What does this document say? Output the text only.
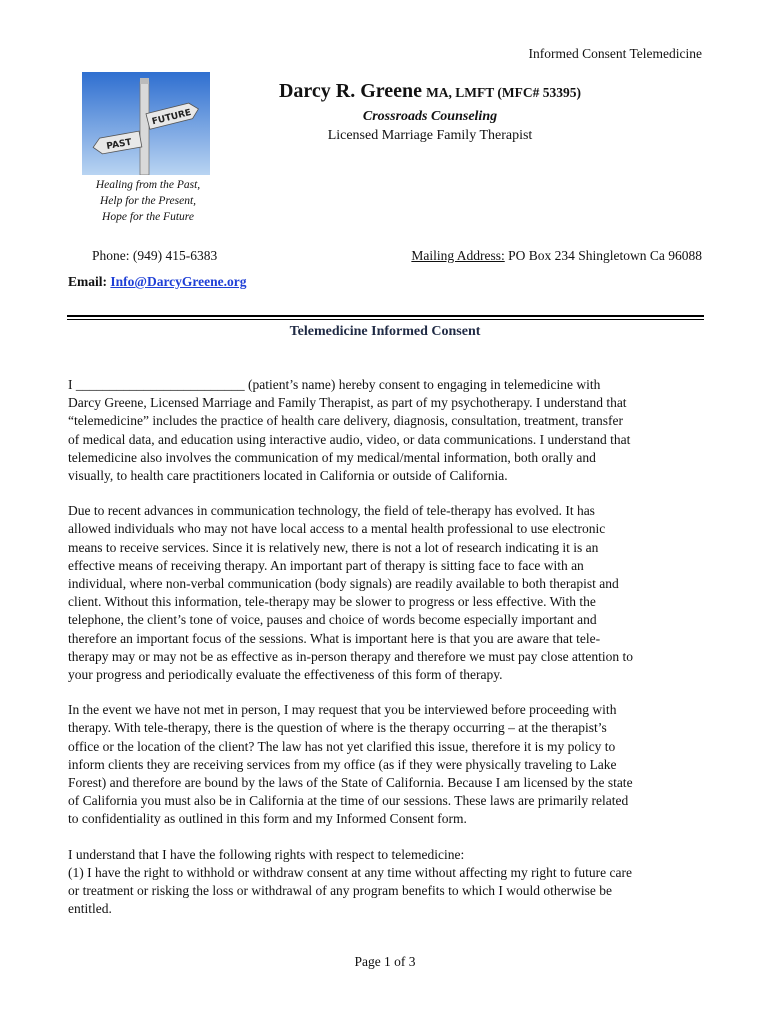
Informed Consent Telemedicine
FUTURE
PAST
Healing from the Past,
Help for the Present,
Hope for the Future
Darcy R. Greene MA, LMFT (MFC# 53395)
Crossroads Counseling
Licensed Marriage Family Therapist
Phone: (949) 415-6383	Mailing Address: PO Box 234 Shingletown Ca 96088
Email: Info@DarcyGreene.org
Telemedicine Informed Consent

I _________________________ (patient’s name) hereby consent to engaging in telemedicine with
Darcy Greene, Licensed Marriage and Family Therapist, as part of my psychotherapy. I understand that
“telemedicine” includes the practice of health care delivery, diagnosis, consultation, treatment, transfer
of medical data, and education using interactive audio, video, or data communications. I understand that
telemedicine also involves the communication of my medical/mental information, both orally and
visually, to health care practitioners located in California or outside of California.

Due to recent advances in communication technology, the field of tele-therapy has evolved. It has
allowed individuals who may not have local access to a mental health professional to use electronic
means to receive services. Since it is relatively new, there is not a lot of research indicating it is an
effective means of receiving therapy. An important part of therapy is sitting face to face with an
individual, where non-verbal communication (body signals) are readily available to both therapist and
client. Without this information, tele-therapy may be slower to progress or less effective. With the
telephone, the client’s tone of voice, pauses and choice of words become especially important and
therefore an important focus of the sessions. What is important here is that you are aware that tele-
therapy may or may not be as effective as in-person therapy and therefore we must pay close attention to
your progress and periodically evaluate the effectiveness of this form of therapy.

In the event we have not met in person, I may request that you be interviewed before proceeding with
therapy. With tele-therapy, there is the question of where is the therapy occurring – at the therapist’s
office or the location of the client? The law has not yet clarified this issue, therefore it is my policy to
inform clients they are receiving services from my office (as if they were physically traveling to Lake
Forest) and therefore are bound by the laws of the State of California. Because I am licensed by the state
of California you must also be in California at the time of our sessions. These laws are primarily related
to confidentiality as outlined in this form and my Informed Consent form.

I understand that I have the following rights with respect to telemedicine:
(1) I have the right to withhold or withdraw consent at any time without affecting my right to future care
or treatment or risking the loss or withdrawal of any program benefits to which I would otherwise be
entitled.

Page 1 of 3
